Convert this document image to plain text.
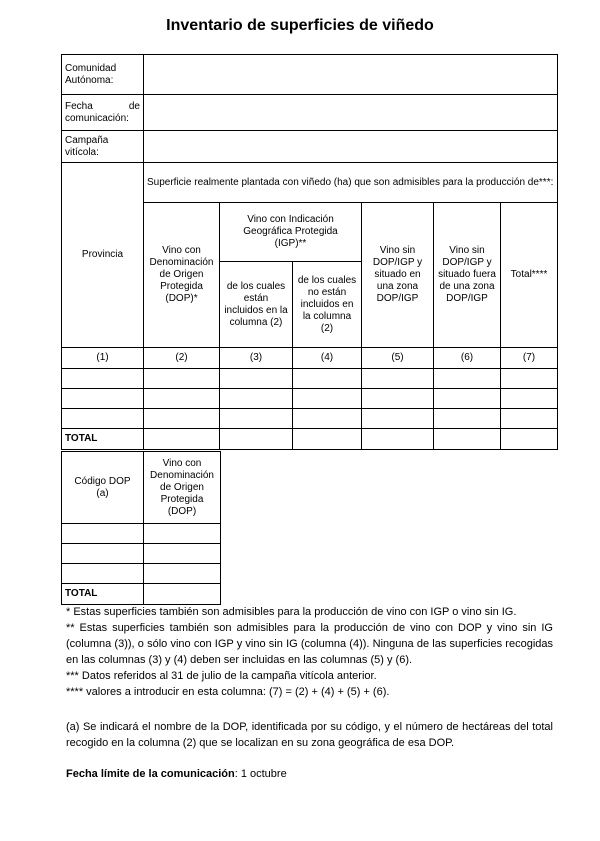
Inventario de superficies de viñedo
Comunidad
Autónoma:						

Fecha de
comunicación:						

Campaña
vitícola:						

Provincia	Superficie realmente plantada con viñedo (ha) que son admisibles para la producción de***:					
	Vino con Denominación de Origen Protegida (DOP)*	Vino con Indicación Geográfica Protegida (IGP)**		Vino sin DOP/IGP y situado en una zona DOP/IGP	Vino sin DOP/IGP y situado fuera de una zona DOP/IGP	Total****
		de los cuales están incluidos en la columna (2)	de los cuales no están incluidos en la columna (2)			
(1)	(2)	(3)	(4)	(5)	(6)	(7)

TOTAL						
Código DOP (a)	Vino con Denominación de Origen Protegida (DOP)

TOTAL	

* Estas superficies también son admisibles para la producción de vino con IGP o vino sin IG.

** Estas superficies también son admisibles para la producción de vino con DOP y vino sin IG (columna (3)), o sólo vino con IGP y vino sin IG (columna (4)). Ninguna de las superficies recogidas en las columnas (3) y (4) deben ser incluidas en las columnas (5) y (6).

*** Datos referidos al 31 de julio de la campaña vitícola anterior.

**** valores a introducir en esta columna: (7) = (2) + (4) + (5) + (6).

(a) Se indicará el nombre de la DOP, identificada por su código, y el número de hectáreas del total recogido en la columna (2) que se localizan en su zona geográfica de esa DOP.

Fecha límite de la comunicación: 1 octubre
